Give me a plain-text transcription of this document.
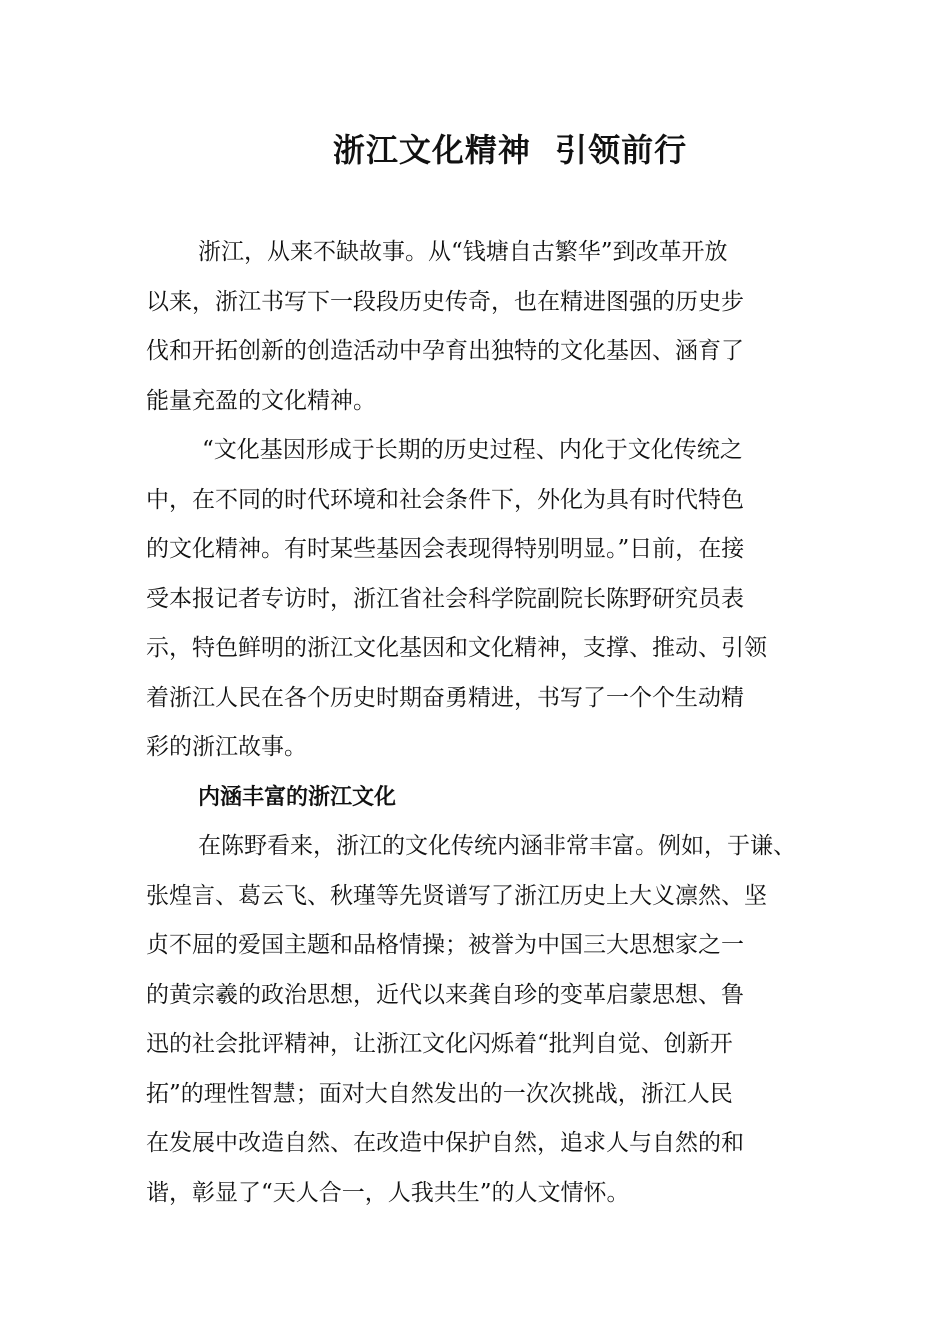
浙江文化精神  引领前行
浙江，从来不缺故事。从“钱塘自古繁华”到改革开放
以来，浙江书写下一段段历史传奇，也在精进图强的历史步
伐和开拓创新的创造活动中孕育出独特的文化基因、涵育了
能量充盈的文化精神。
“文化基因形成于长期的历史过程、内化于文化传统之
中，在不同的时代环境和社会条件下，外化为具有时代特色
的文化精神。有时某些基因会表现得特别明显。”日前，在接
受本报记者专访时，浙江省社会科学院副院长陈野研究员表
示，特色鲜明的浙江文化基因和文化精神，支撑、推动、引领
着浙江人民在各个历史时期奋勇精进，书写了一个个生动精
彩的浙江故事。
内涵丰富的浙江文化
在陈野看来，浙江的文化传统内涵非常丰富。例如，于谦、
张煌言、葛云飞、秋瑾等先贤谱写了浙江历史上大义凛然、坚
贞不屈的爱国主题和品格情操；被誉为中国三大思想家之一
的黄宗羲的政治思想，近代以来龚自珍的变革启蒙思想、鲁
迅的社会批评精神，让浙江文化闪烁着“批判自觉、创新开
拓”的理性智慧；面对大自然发出的一次次挑战，浙江人民
在发展中改造自然、在改造中保护自然，追求人与自然的和
谐，彰显了“天人合一，人我共生”的人文情怀。
